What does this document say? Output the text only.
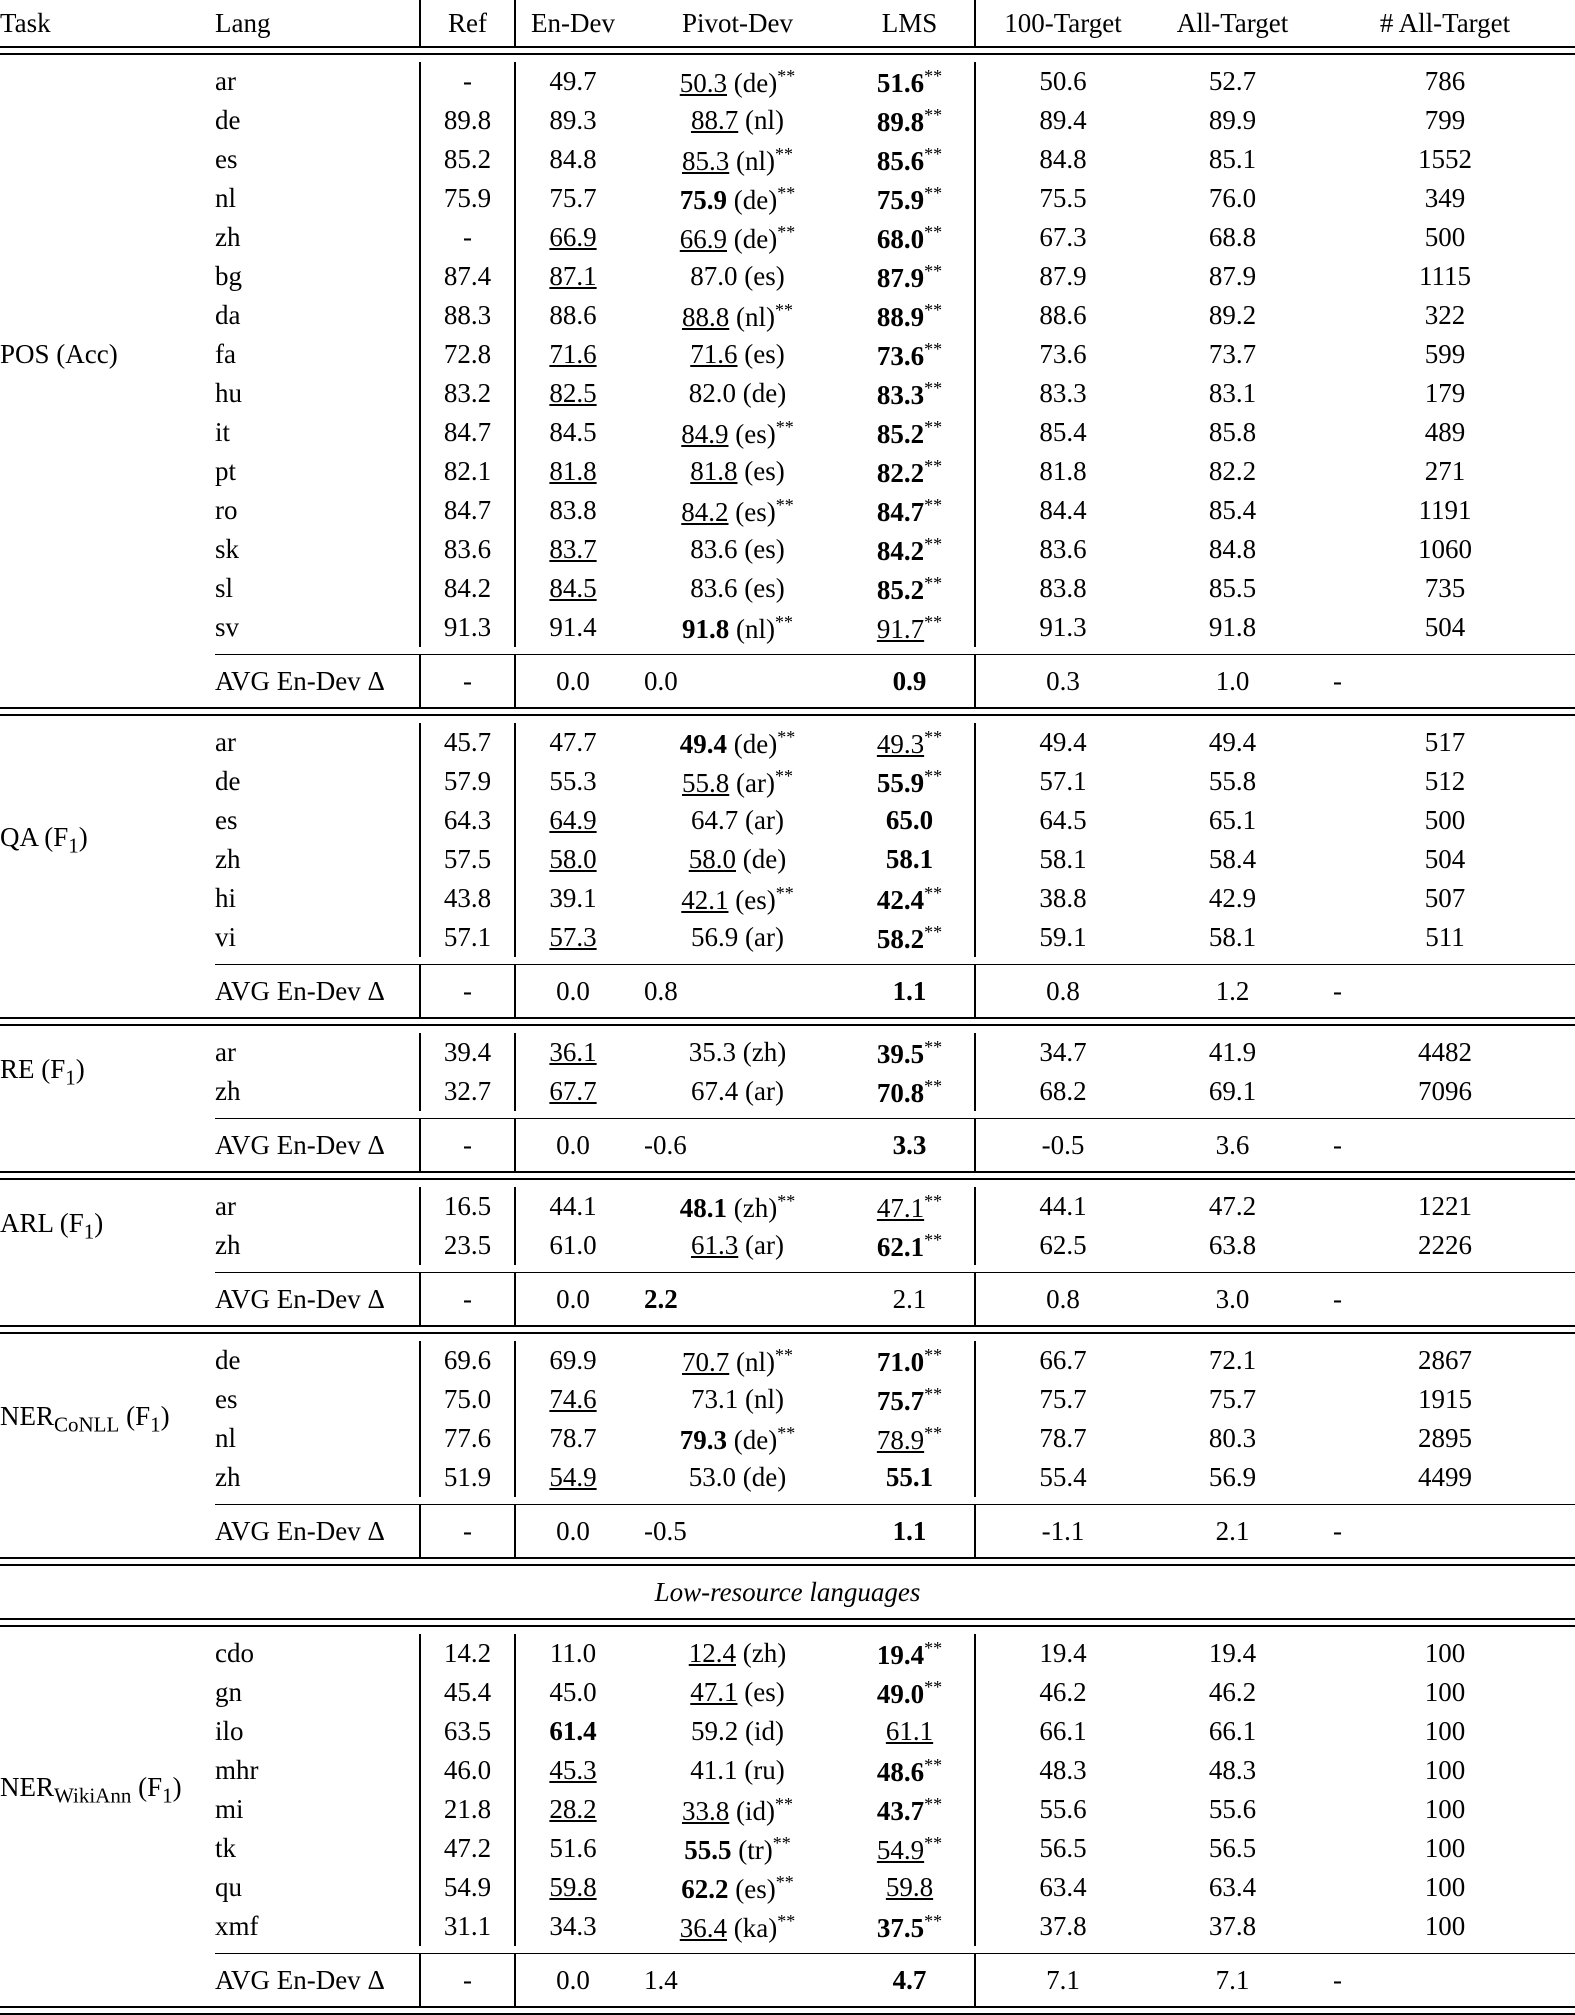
Task	Lang	Ref	En-Dev	Pivot-Dev	LMS	100-Target	All-Target	# All-Target

POS (Acc)	ar	-	49.7	50.3 (de)**	51.6**	50.6	52.7	786
	de	89.8	89.3	88.7 (nl)	89.8**	89.4	89.9	799
	es	85.2	84.8	85.3 (nl)**	85.6**	84.8	85.1	1552
	nl	75.9	75.7	75.9 (de)**	75.9**	75.5	76.0	349
	zh	-	66.9	66.9 (de)**	68.0**	67.3	68.8	500
	bg	87.4	87.1	87.0 (es)	87.9**	87.9	87.9	1115
	da	88.3	88.6	88.8 (nl)**	88.9**	88.6	89.2	322
	fa	72.8	71.6	71.6 (es)	73.6**	73.6	73.7	599
	hu	83.2	82.5	82.0 (de)	83.3**	83.3	83.1	179
	it	84.7	84.5	84.9 (es)**	85.2**	85.4	85.8	489
	pt	82.1	81.8	81.8 (es)	82.2**	81.8	82.2	271
	ro	84.7	83.8	84.2 (es)**	84.7**	84.4	85.4	1191
	sk	83.6	83.7	83.6 (es)	84.2**	83.6	84.8	1060
	sl	84.2	84.5	83.6 (es)	85.2**	83.8	85.5	735
	sv	91.3	91.4	91.8 (nl)**	91.7**	91.3	91.8	504

	AVG En-Dev Δ	-	0.0	0.0	0.9	0.3	1.0	-

QA $(F_1)$	ar	45.7	47.7	49.4 (de)**	49.3**	49.4	49.4	517
	de	57.9	55.3	55.8 (ar)**	55.9**	57.1	55.8	512
	es	64.3	64.9	64.7 (ar)	65.0	64.5	65.1	500
	zh	57.5	58.0	58.0 (de)	58.1	58.1	58.4	504
	hi	43.8	39.1	42.1 (es)**	42.4**	38.8	42.9	507
	vi	57.1	57.3	56.9 (ar)	58.2**	59.1	58.1	511

	AVG En-Dev Δ	-	0.0	0.8	1.1	0.8	1.2	-

RE $(F_1)$	ar	39.4	36.1	35.3 (zh)	39.5**	34.7	41.9	4482
	zh	32.7	67.7	67.4 (ar)	70.8**	68.2	69.1	7096

	AVG En-Dev Δ	-	0.0	-0.6	3.3	-0.5	3.6	-

ARL $(F_1)$	ar	16.5	44.1	48.1 (zh)**	47.1**	44.1	47.2	1221
	zh	23.5	61.0	61.3 (ar)	62.1**	62.5	63.8	2226

	AVG En-Dev Δ	-	0.0	2.2	2.1	0.8	3.0	-

$NER_{CoNLL}$ $(F_1)$	de	69.6	69.9	70.7 (nl)**	71.0**	66.7	72.1	2867
	es	75.0	74.6	73.1 (nl)	75.7**	75.7	75.7	1915
	nl	77.6	78.7	79.3 (de)**	78.9**	78.7	80.3	2895
	zh	51.9	54.9	53.0 (de)	55.1	55.4	56.9	4499

	AVG En-Dev Δ	-	0.0	-0.5	1.1	-1.1	2.1	-

Low-resource languages								

$NER_{WikiAnn}$ $(F_1)$	cdo	14.2	11.0	12.4 (zh)	19.4**	19.4	19.4	100
	gn	45.4	45.0	47.1 (es)	49.0**	46.2	46.2	100
	ilo	63.5	61.4	59.2 (id)	61.1	66.1	66.1	100
	mhr	46.0	45.3	41.1 (ru)	48.6**	48.3	48.3	100
	mi	21.8	28.2	33.8 (id)**	43.7**	55.6	55.6	100
	tk	47.2	51.6	55.5 (tr)**	54.9**	56.5	56.5	100
	qu	54.9	59.8	62.2 (es)**	59.8	63.4	63.4	100
	xmf	31.1	34.3	36.4 (ka)**	37.5**	37.8	37.8	100

	AVG En-Dev Δ	-	0.0	1.4	4.7	7.1	7.1	-
